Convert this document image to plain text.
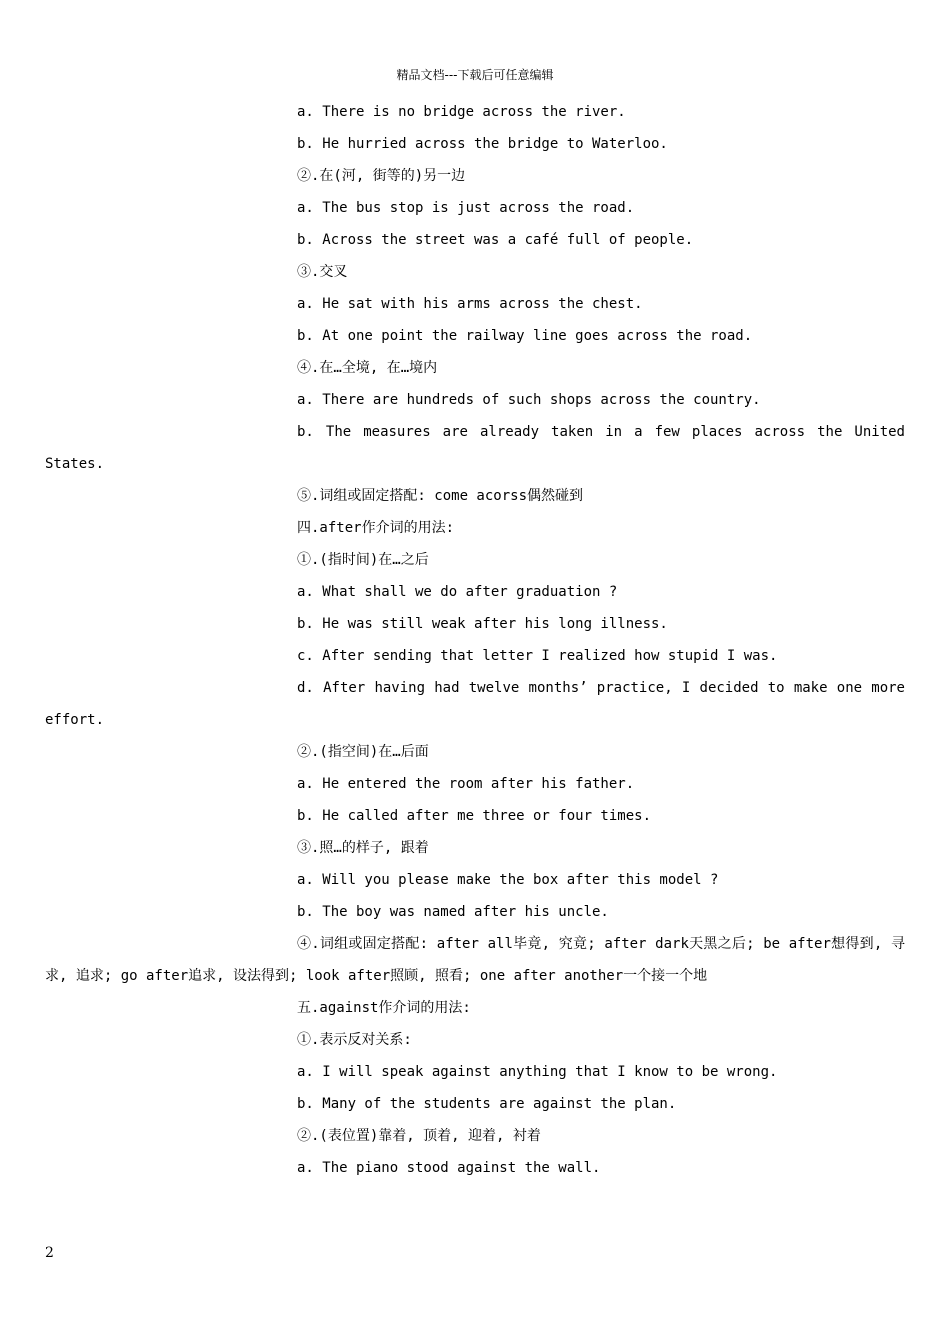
精品文档---下载后可任意编辑
a. There is no bridge across the river.
b. He hurried across the bridge to Waterloo.
②.在(河, 街等的)另一边
a. The bus stop is just across the road.
b. Across the street was a café full of people.
③.交叉
a. He sat with his arms across the chest.
b. At one point the railway line goes across the road.
④.在…全境, 在…境内
a. There are hundreds of such shops across the country.
b. The measures are already taken in a few places across the United States.
⑤.词组或固定搭配: come acorss偶然碰到
四.after作介词的用法:
①.(指时间)在…之后
a. What shall we do after graduation ?
b. He was still weak after his long illness.
c. After sending that letter I realized how stupid I was.
d. After having had twelve months’ practice, I decided to make one more effort.
②.(指空间)在…后面
a. He entered the room after his father.
b. He called after me three or four times.
③.照…的样子, 跟着
a. Will you please make the box after this model ?
b. The boy was named after his uncle.
④.词组或固定搭配: after all毕竟, 究竟; after dark天黑之后; be after想得到, 寻求, 追求; go after追求, 设法得到; look after照顾, 照看; one after another一个接一个地
五.against作介词的用法:
①.表示反对关系:
a. I will speak against anything that I know to be wrong.
b. Many of the students are against the plan.
②.(表位置)靠着, 顶着, 迎着, 衬着
a. The piano stood against the wall.
2
